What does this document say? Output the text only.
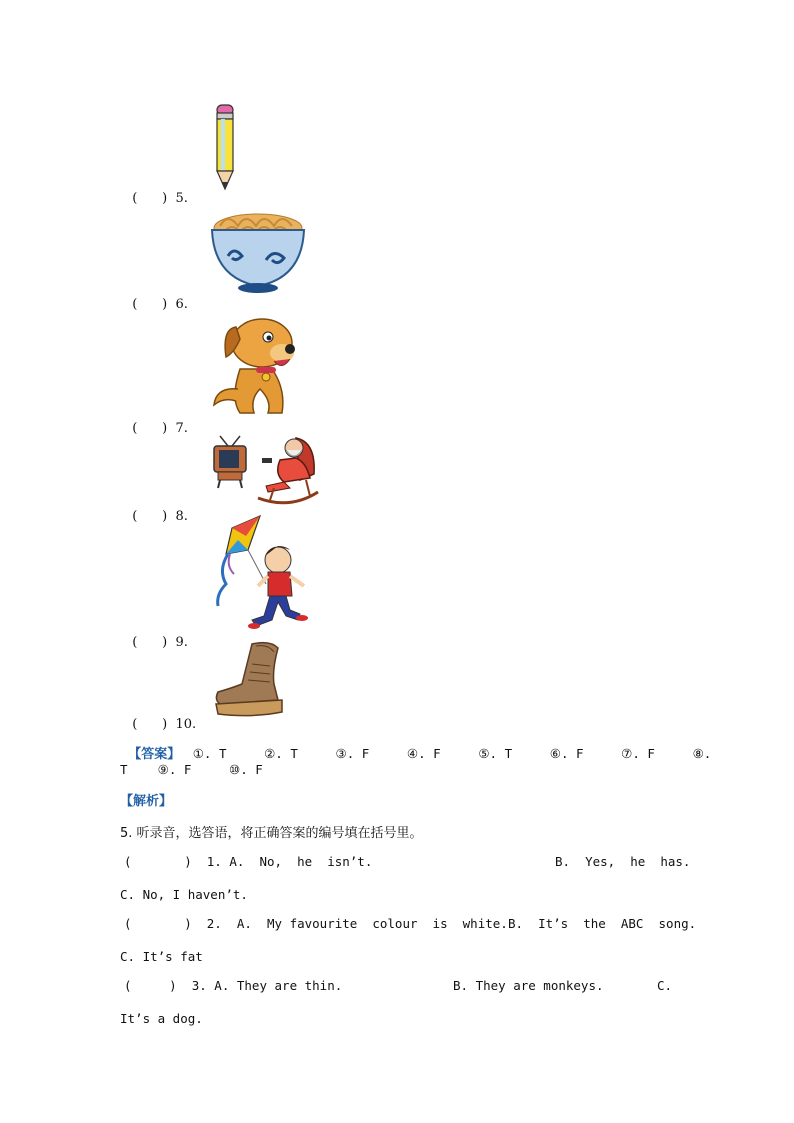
(      ) 5.

(      ) 6.

(      ) 7.

(      ) 8.

(      ) 9.

(      ) 10.

【答案】 ①. T     ②. T     ③. F     ④. F     ⑤. T     ⑥. F     ⑦. F     ⑧.

T    ⑨. F     ⑩. F
【解析】
5. 听录音，选答语，将正确答案的编号填在括号里。
(       )  1. A.  No,  he  isn’t.	B.  Yes,  he  has.
C. No, I haven’t.
(       )  2.  A.  My favourite  colour  is  white. B.  It’s  the  ABC  song.
C. It’s fat
(     )  3. A. They are thin.	B. They are monkeys.	C.
It’s a dog.
